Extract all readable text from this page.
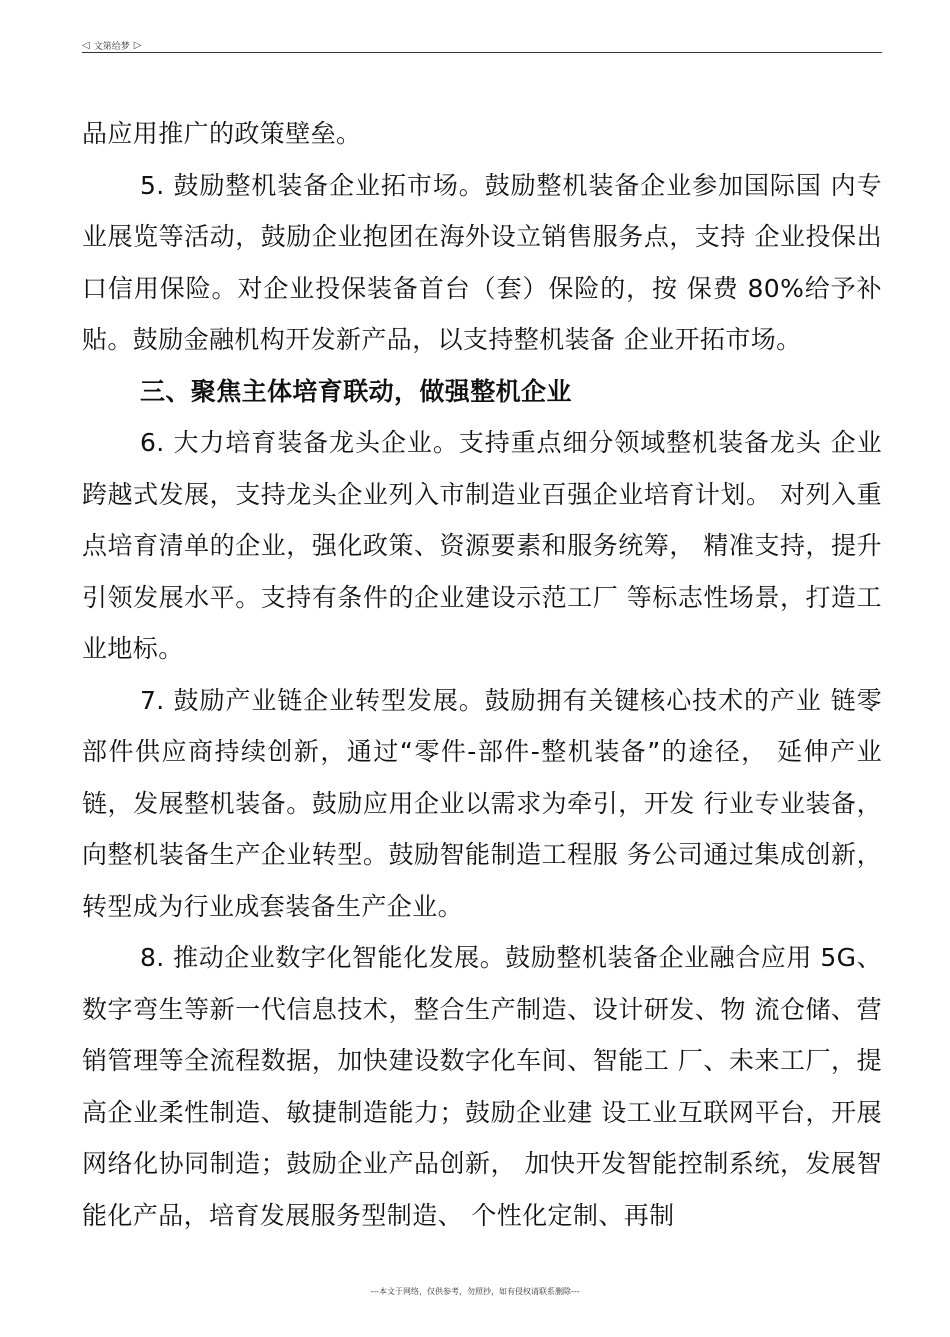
◁ 文第给梦 ▷

品应用推广的政策壁垒。

5. 鼓励整机装备企业拓市场。鼓励整机装备企业参加国际国 内专业展览等活动，鼓励企业抱团在海外设立销售服务点，支持 企业投保出口信用保险。对企业投保装备首台（套）保险的，按 保费 80%给予补贴。鼓励金融机构开发新产品，以支持整机装备 企业开拓市场。

三、聚焦主体培育联动，做强整机企业

6. 大力培育装备龙头企业。支持重点细分领域整机装备龙头 企业跨越式发展，支持龙头企业列入市制造业百强企业培育计划。 对列入重点培育清单的企业，强化政策、资源要素和服务统筹， 精准支持，提升引领发展水平。支持有条件的企业建设示范工厂 等标志性场景，打造工业地标。

7. 鼓励产业链企业转型发展。鼓励拥有关键核心技术的产业 链零部件供应商持续创新，通过“零件-部件-整机装备”的途径， 延伸产业链，发展整机装备。鼓励应用企业以需求为牵引，开发 行业专业装备，向整机装备生产企业转型。鼓励智能制造工程服 务公司通过集成创新，转型成为行业成套装备生产企业。

8. 推动企业数字化智能化发展。鼓励整机装备企业融合应用 5G、数字弯生等新一代信息技术，整合生产制造、设计研发、物 流仓储、营销管理等全流程数据，加快建设数字化车间、智能工 厂、未来工厂，提高企业柔性制造、敏捷制造能力；鼓励企业建 设工业互联网平台，开展网络化协同制造；鼓励企业产品创新， 加快开发智能控制系统，发展智能化产品，培育发展服务型制造、 个性化定制、再制

---本文于网络，仅供参考，勿照抄，如有侵权请联系删除---
